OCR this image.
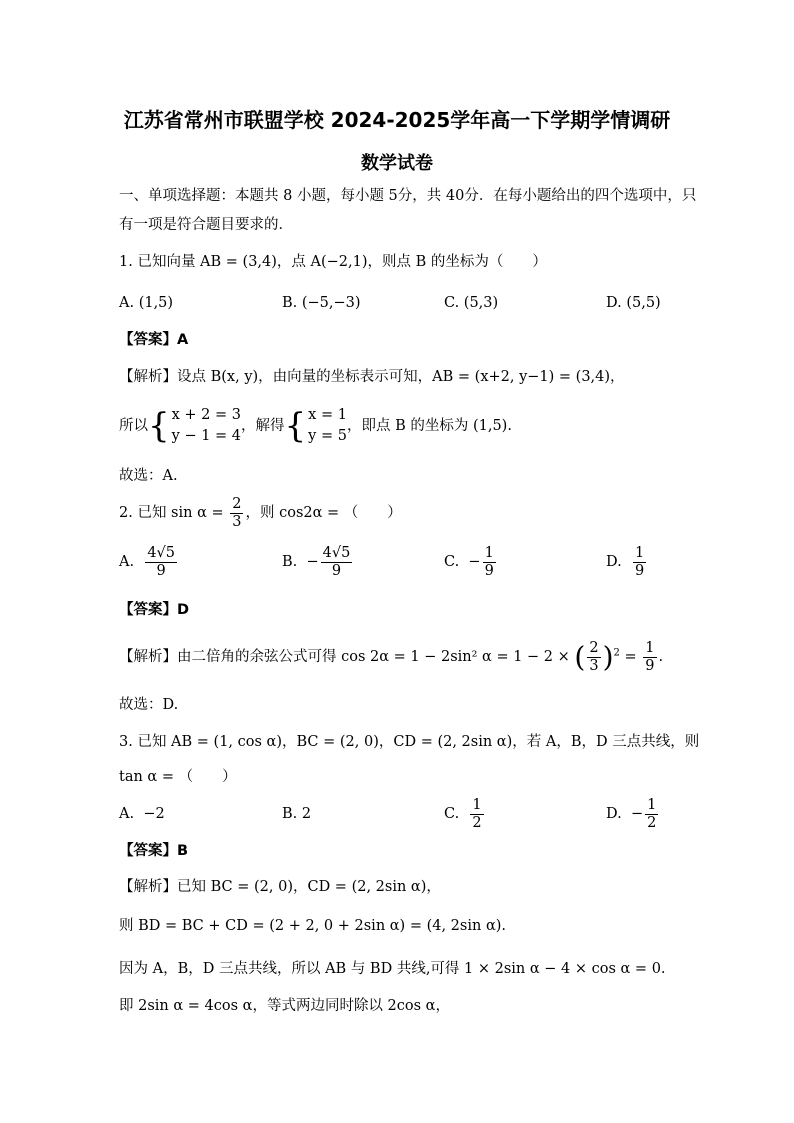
江苏省常州市联盟学校 2024-2025学年高一下学期学情调研
数学试卷
一、单项选择题：本题共 8 小题，每小题 5分，共 40分．在每小题给出的四个选项中，只
有一项是符合题目要求的．
1. 已知向量 AB = (3,4)，点 A(−2,1)，则点 B 的坐标为（　　）
A. (1,5)	B. (−5,−3)	C. (5,3)	D. (5,5)
【答案】A
【解析】设点 B(x, y)，由向量的坐标表示可知，AB = (x+2, y−1) = (3,4)，
所以 { x + 2 = 3
y − 1 = 4
，解得 { x = 1
y = 5
，即点 B 的坐标为 (1,5).
故选：A.
2. 已知 $\sin \alpha = \frac{2}{3}$ ，则 cos2α = （　　）
A. $\frac{4√5}{9}$	B. − $\frac{4√5}{9}$	C. − $\frac{1}{9}$	D. $\frac{1}{9}$
【答案】D
【解析】由二倍角的余弦公式可得 cos 2α = 1 − 2sin² α = 1 − 2 × ( $\frac{2}{3} )^2 = \frac{1}{9}$ .
故选：D.
3. 已知 AB = (1, cos α)，BC = (2, 0)，CD = (2, 2sin α)，若 A，B，D 三点共线，则
tan α = （　　）
A. −2	B. 2	C. $\frac{1}{2}$	D. − $\frac{1}{2}$
【答案】B
【解析】已知 BC = (2, 0)，CD = (2, 2sin α)，
则 BD = BC + CD = (2 + 2, 0 + 2sin α) = (4, 2sin α).
因为 A，B，D 三点共线，所以 AB 与 BD 共线,可得 1 × 2sin α − 4 × cos α = 0.
即 2sin α = 4cos α，等式两边同时除以 2cos α，
